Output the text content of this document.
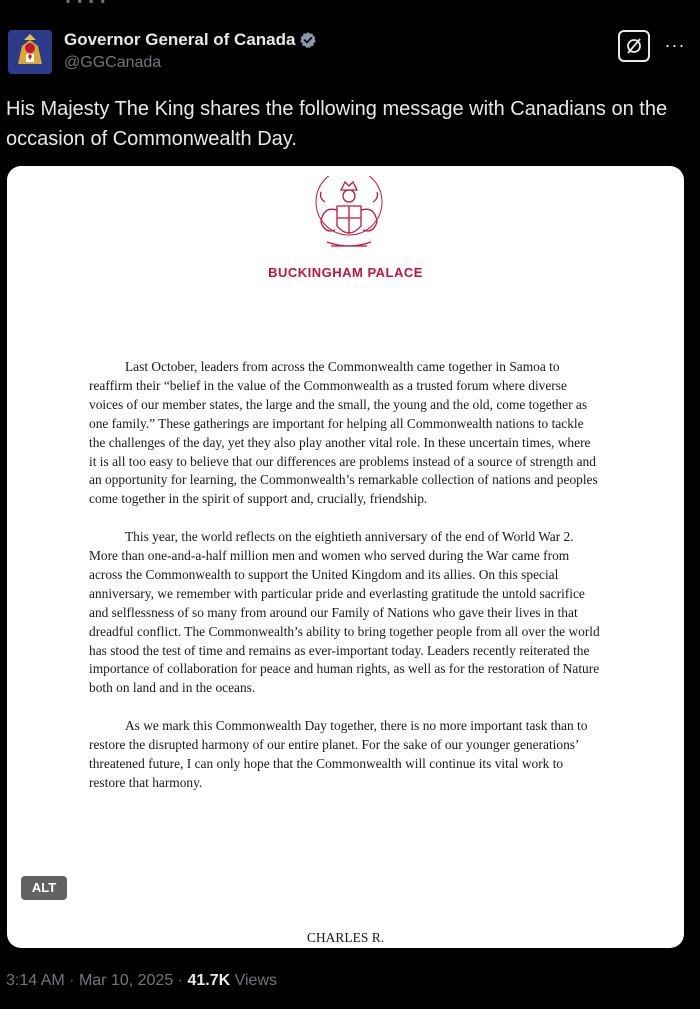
Governor General of Canada
@GGCanada
···
His Majesty The King shares the following message with Canadians on the occasion of Commonwealth Day.
BUCKINGHAM PALACE

Last October, leaders from across the Commonwealth came together in Samoa to reaffirm their “belief in the value of the Commonwealth as a trusted forum where diverse voices of our member states, the large and the small, the young and the old, come together as one family.” These gatherings are important for helping all Commonwealth nations to tackle the challenges of the day, yet they also play another vital role. In these uncertain times, where it is all too easy to believe that our differences are problems instead of a source of strength and an opportunity for learning, the Commonwealth’s remarkable collection of nations and peoples come together in the spirit of support and, crucially, friendship.

This year, the world reflects on the eightieth anniversary of the end of World War 2. More than one-and-a-half million men and women who served during the War came from across the Commonwealth to support the United Kingdom and its allies. On this special anniversary, we remember with particular pride and everlasting gratitude the untold sacrifice and selflessness of so many from around our Family of Nations who gave their lives in that dreadful conflict. The Commonwealth’s ability to bring together people from all over the world has stood the test of time and remains as ever-important today. Leaders recently reiterated the importance of collaboration for peace and human rights, as well as for the restoration of Nature both on land and in the oceans.

As we mark this Commonwealth Day together, there is no more important task than to restore the disrupted harmony of our entire planet. For the sake of our younger generations’ threatened future, I can only hope that the Commonwealth will continue its vital work to restore that harmony.

CHARLES R.
ALT
3:14 AM · Mar 10, 2025 · 41.7K Views
